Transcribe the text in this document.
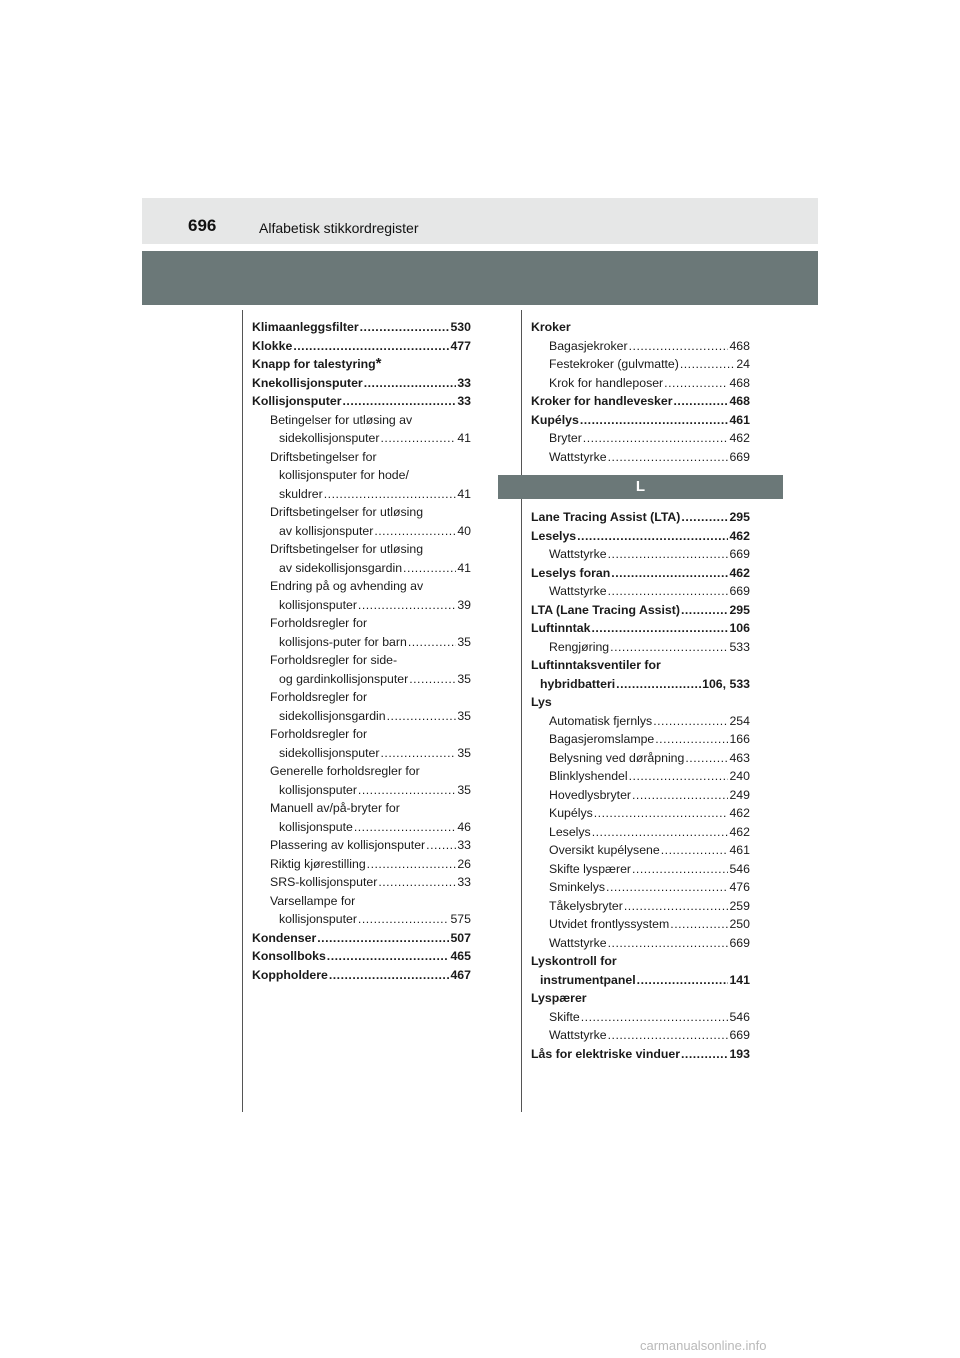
696	Alfabetisk stikkordregister
Klimaanleggsfilter .....	530
Klokke .....	477
Knapp for talestyring *
Knekollisjonsputer .....	33
Kollisjonsputer .....	33
Betingelser for utløsing av
sidekollisjonsputer .....	41
Driftsbetingelser for
kollisjonsputer for hode/
skuldrer .....	41
Driftsbetingelser for utløsing
av kollisjonsputer .....	40
Driftsbetingelser for utløsing
av sidekollisjonsgardin .....	41
Endring på og avhending av
kollisjonsputer .....	39
Forholdsregler for
kollisjons-puter for barn .....	35
Forholdsregler for side-
og gardinkollisjonsputer .....	35
Forholdsregler for
sidekollisjonsgardin .....	35
Forholdsregler for
sidekollisjonsputer .....	35
Generelle forholdsregler for
kollisjonsputer .....	35
Manuell av/på-bryter for
kollisjonspute .....	46
Plassering av kollisjonsputer .....	33
Riktig kjørestilling .....	26
SRS-kollisjonsputer .....	33
Varsellampe for
kollisjonsputer .....	575
Kondenser .....	507
Konsollboks .....	465
Koppholdere .....	467
Kroker
Bagasjekroker .....	468
Festekroker (gulvmatte) .....	24
Krok for handleposer .....	468
Kroker for handlevesker .....	468
Kupélys .....	461
Bryter .....	462
Wattstyrke .....	669
L
Lane Tracing Assist (LTA) .....	295
Leselys .....	462
Wattstyrke .....	669
Leselys foran .....	462
Wattstyrke .....	669
LTA (Lane Tracing Assist) .....	295
Luftinntak .....	106
Rengjøring .....	533
Luftinntaksventiler for
hybridbatteri .....	106, 533
Lys
Automatisk fjernlys .....	254
Bagasjeromslampe .....	166
Belysning ved døråpning .....	463
Blinklyshendel .....	240
Hovedlysbryter .....	249
Kupélys .....	462
Leselys .....	462
Oversikt kupélysene .....	461
Skifte lyspærer .....	546
Sminkelys .....	476
Tåkelysbryter .....	259
Utvidet frontlyssystem .....	250
Wattstyrke .....	669
Lyskontroll for
instrumentpanel .....	141
Lyspærer
Skifte .....	546
Wattstyrke .....	669
Lås for elektriske vinduer .....	193
carmanualsonline.info
